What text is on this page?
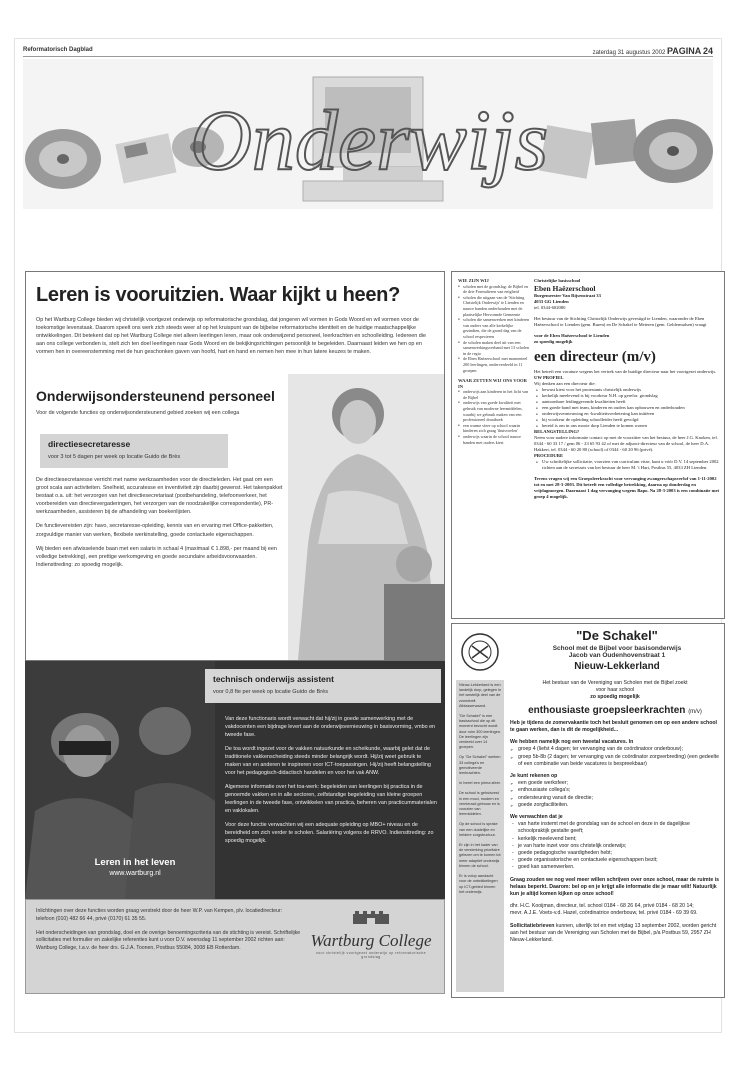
Reformatorisch Dagblad	zaterdag 31 augustus 2002 PAGINA 24
Onderwijs
Leren is vooruitzien. Waar kijkt u heen?
Op het Wartburg College bieden wij christelijk voortgezet onderwijs op reformatorische grondslag, dat jongeren wil vormen in Gods Woord en wil vormen voor de toekomstige levenstaak. Daarom speelt ons werk zich steeds weer af op het kruispunt van de bijbelse reformatorische identiteit en de huidige maatschappelijke ontwikkelingen. Dit betekent dat op het Wartburg College niet alleen leerlingen leren, maar ook onderwijzend personeel, leerkrachten en schoolleiding. Iedereen die aan ons college verbonden is, stelt zich ten doel leerlingen naar Gods Woord en de bekijkingsrichtingen persoonlijk te begeleiden. Daarnaast leiden we hen op en vormen hen in overeenstemming met de hun geschonken gaven van hoofd, hart en hand en nemen hen mee in hun latere keuzes te maken.
Onderwijsondersteunend personeel
Voor de volgende functies op onderwijsondersteunend gebied zoeken wij een collega
directiesecretaresse
voor 3 tot 5 dagen per week op locatie Guido de Brès

De directiesecretaresse verricht met name werkzaamheden voor de directieleden. Het gaat om een groot scala aan activiteiten. Snelheid, accuratesse en inventiviteit zijn daarbij gewenst. Het takenpakket bestaat o.a. uit: het verzorgen van het directiesecretariaat (postbehandeling, telefoonverkeer, het voorbereiden van directievergaderingen, het verzorgen van de noodzakelijke correspondentie), PR-werkzaamheden, assisteren bij de afhandeling van boekenlijsten.

De functievereisten zijn: havo, secretaresse-opleiding, kennis van en ervaring met Office-pakketten, zorgvuldige manier van werken, flexibele werkinstelling, goede contactuele eigenschappen.

Wij bieden een afwisselende baan met een salaris in schaal 4 (maximaal € 1.898,- per maand bij een volledige betrekking), een prettige werkomgeving en goede secundaire arbeidsvoorwaarden. Indiensttreding: zo spoedig mogelijk.

technisch onderwijs assistent
voor 0,8 fte per week op locatie Guido de Brès

Van deze functionaris wordt verwacht dat hij/zij in goede samenwerking met de vakdocenten een bijdrage levert aan de onderwijsvernieuwing in basisvorming, vmbo en tweede fase.

De toa wordt ingezet voor de vakken natuurkunde en scheikunde, waarbij gelet dat de traditionele vakkenscheiding steeds minder belangrijk wordt. Hij/zij weet gebruik te maken van en anderen te inspireren voor ICT-toepassingen. Hij/zij heeft belangstelling voor het pedagogisch-didactisch handelen en voor het vak ANW.

Algemene informatie over het toa-werk: begeleiden van leerlingen bij practica in de genoemde vakken en in alle sectoren, zelfstandige begeleiding van kleine groepen leerlingen in de tweede fase, ontwikkelen van practica, beheren van practicummaterialen en vaklokalen.

Voor deze functie verwachten wij een adequate opleiding op MBO+ niveau en de bereidheid om zich verder te scholen. Salariëring volgens de RRVO. Indiensttreding: zo spoedig mogelijk.

Leren in het leven
www.wartburg.nl

Inlichtingen over deze functies worden graag verstrekt door de heer W.P. van Kempen, plv. locatiedirecteur: telefoon (010) 482 66 44, privé (0170) 61 35 55.

Het onderscheidingen van grondslag, doel en de overige benoemingscriteria van de stichting is vereist. Schriftelijke sollicitaties met formulier en zakelijke referenties kunt u voor D.V. woensdag 11 september 2002 richten aan: Wartburg College, t.a.v. de heer drs. G.J.A. Toonen, Postbus 55084, 3008 EB Rotterdam.	Wartburg College
voor christelijk voortgezet onderwijs op reformatorische grondslag
WIE ZIJN WIJ
● scholen met de grondslag: de Bijbel en de drie Formulieren van enigheid
● scholen die uitgaan van de 'Stichting Christelijk Onderwijs' te Lienden en nauwe banden onderhouden met de plaatselijke Hervormde Gemeente
● scholen die samenwerken met kinderen van ouders van alle kerkelijke gezindten, die de grond dag van de school respecteren
● de scholen maken deel uit van een samenwerkingsverband met 13 scholen in de regio
● de Eben Haëzerschool met momenteel 200 leerlingen, onderverdeeld in 11 groepen
WAAR ZETTEN WIJ ONS VOOR IN
● onderwijs aan kinderen in het licht van de Bijbel
● onderwijs van goede kwaliteit met gebruik van moderne leermiddelen, waarbij we gebruik maken van een professioneel draaiboek
● een warme sfeer op school waarin kinderen zich graag 'thuisvoelen'
● onderwijs waarin de school nauwe banden met ouders kiest
Christelijke basisschool
Eben Haëzerschool
Burgemeester Van Rijsenstraat 33
4033 GG Lienden
tel. 0344-602080
Het bestuur van de Stichting Christelijk Onderwijs gevestigd te Lienden, waaronder de Eben Haëzerschool te Lienden (gem. Buren) en De Schakel te Meteren (gem. Geldermalsen) vraagt
voor de Eben Haëzerschool te Lienden
zo spoedig mogelijk
een directeur (m/v)
Het betreft een vacature wegens het vertrek van de huidige directeur naar het voortgezet onderwijs.
UW PROFIEL
Wij denken aan een directeur die:
● bewust kiest voor het protestants christelijk onderwijs
● kerkelijk meelevend is bij voorkeur N.H. op gerefor. grondslag
● aantoonbare leidinggevende kwaliteiten heeft
● een goede band met team, kinderen en ouders kan opbouwen en onderhouden
● onderwijsvernieuwing en -kwaliteitsverbetering kan initiëren
● bij voorkeur de opleiding schoolleider heeft gevolgd
● bereid is om in ons mooie dorp Lienden te komen wonen
BELANGSTELLING?
Neem voor nadere informatie contact op met de voorzitter van het bestuur, de heer J.G. Knoken, tel. 0344 - 60 33 17 / gem 06 - 23 65 93 42 of met de adjunct-directeur van de school, de heer D.A. Hakkert, tel. 0344 - 60 20 80 (school) of 0344 - 60 20 96 (privé).
PROCEDURE
● Uw schriftelijke sollicitatie, voorzien van curriculum vitae, kunt u vóór D.V. 14 september 2002 richten aan de secretaris van het bestuur de heer M. 't Hart, Postbus 55, 4033 ZH Lienden.
Tevens vragen wij een Groepsleerkracht voor vervanging zwangerschapsverlof van 1-11-2002 tot en met 28-3-2003. Dit betreft een volledige betrekking, daarna op donderdag en vrijdagmorgen. Daarnaast 1 dag vervanging wegens Bapo. Na 28-3-2003 is een combinatie met groep 4 mogelijk.
"De Schakel"
School met de Bijbel voor basisonderwijs
Jacob van Oudenhovenstraat 1
Nieuw-Lekkerland

Nieuw-Lekkerland is een landelijk dorp, gelegen in het westelijk deel van de zonnebelt Alblasserwaard.

"De Schakel" is een basisschool die op dit moment bezocht wordt door ruim 300 leerlingen. De leerlingen zijn verdeeld over 14 groepen.

Op "De Schakel" werken 33 collega's en gemotiveerde leerkrachten.

In heeel een prima sfeer.

De school is gehuisvest in een mooi, modern en vernieuwd gebouw en is voorzien van leermiddelen.

Op de school is sprake van een duidelijke en heldere zorgstructuur.

Er zijn in het kader van de versterking prioritaire gelezen om te komen tot meer adaptief onderwijs binnen de school.

Er is volop aandacht voor de ontwikkelingen op ICT-gebied binnen het onderwijs.

Het bestuur van de Vereniging van Scholen met de Bijbel zoekt
voor haar school
zo spoedig mogelijk
enthousiaste groepsleerkrachten (m/v)
Heb je tijdens de zomervakantie toch het besluit genomen om op een andere school te gaan werken, dan is dit de mogelijkheid...
We hebben namelijk nog een tweetal vacatures. In
➢ groep 4 (liefst 4 dagen; ter vervanging van de coördinatoor onderbouw);
➢ groep 5b-8b (2 dagen; ter vervanging van de coördinator zorgverbreding) (een gedeelte of een combinatie van beide vacatures is bespreekbaar)
Je kunt rekenen op
➢ een goede werksfeer;
➢ enthousiaste collega's;
➢ ondersteuning vanuit de directie;
➢ goede zorgfaciliteiten.
We verwachten dat je
- van harte instemt met de grondslag van de school en deze in de dagelijkse schoolpraktijk gestalte geeft;
- kerkelijk meelevend bent;
- je van harte inzet voor ons christelijk onderwijs;
- goede pedagogische vaardigheden hebt;
- goede organisatorische en contactuele eigenschappen bezit;
- goed kan samenwerken.
Graag zouden we nog veel meer willen schrijven over onze school, maar de ruimte is helaas beperkt. Daarom: bel op en je krijgt alle informatie die je maar wilt! Natuurlijk kun je altijd komen kijken op onze school!
dhr. H.C. Kooijman, directeur, tel. school 0184 - 68 26 64, privé 0184 - 68 20 14;
mevr. A.J.E. Voets-v.d. Hazel, coördinatrice onderbouw, tel. privé 0184 - 69 39 69.
Sollicitatiebrieven kunnen, uiterlijk tot en met vrijdag 13 september 2002, worden gericht aan het bestuur van de Vereniging van Scholen met de Bijbel, p/a Postbus 59, 2957 ZH Nieuw-Lekkerland.
